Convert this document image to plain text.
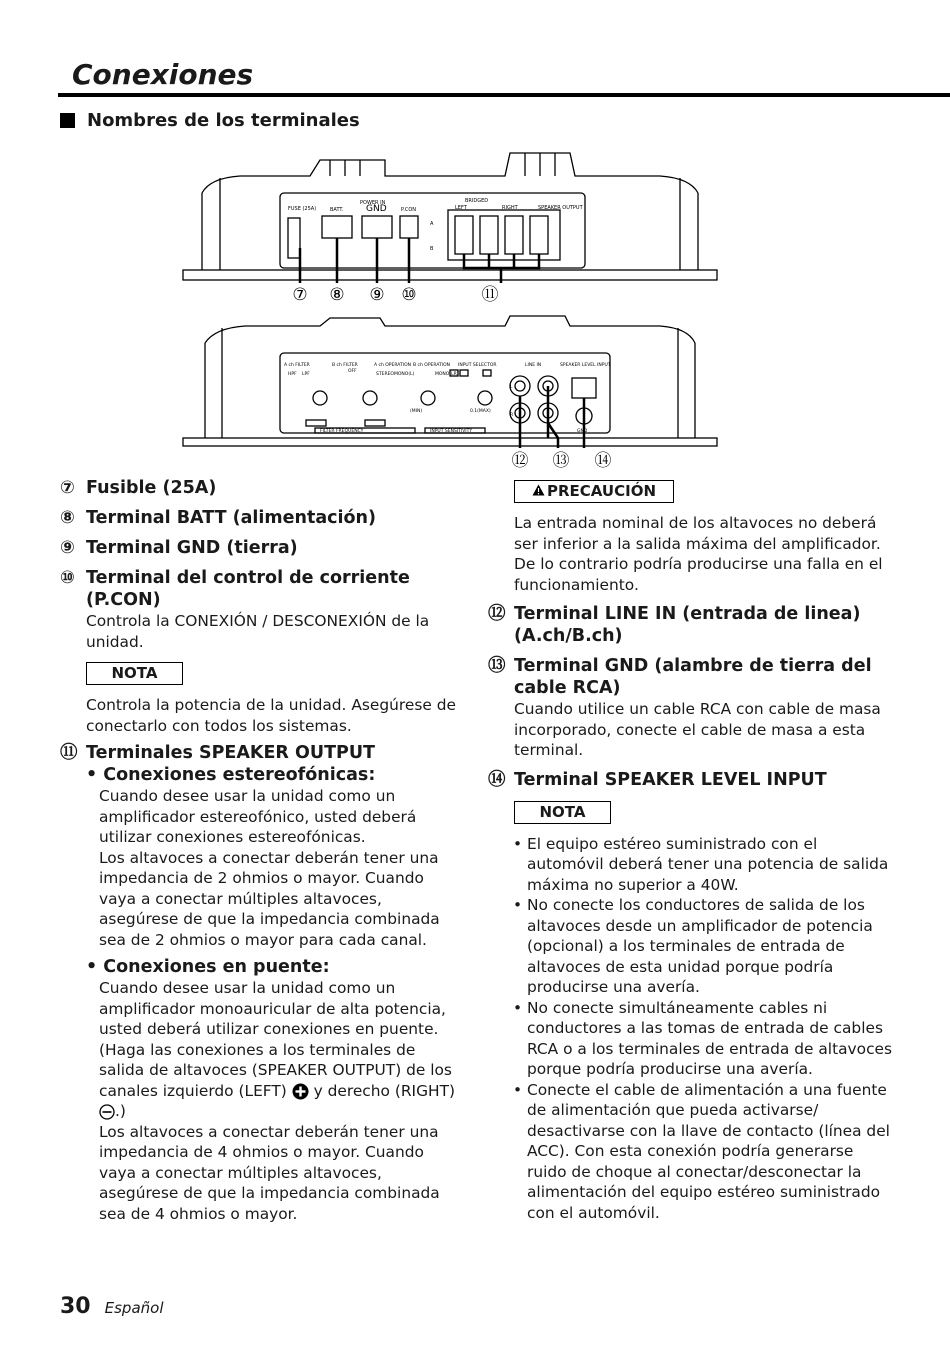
Conexiones
Nombres de los terminales
FUSE (25A)
POWER IN
BATT.	GND	P.CON
BRIDGED
LEFT	RIGHT	SPEAKER OUTPUT
A
B
⑦ ⑧ ⑨ ⑩	⑪
A ch FILTER	B ch FILTER	A ch OPERATION B ch OPERATION INPUT SELECTOR	LINE IN	SPEAKER LEVEL INPUT
HPF LPF
OFF
STEREO MONO(L)	MONO(LR)
(MIN)	0.1(MAX)
FILTER FREQUENCY	INPUT SENSITIVITY	GND
L
R
⑫ ⑬ ⑭
⑦ Fusible (25A)
⑧ Terminal BATT (alimentación)
⑨ Terminal GND (tierra)
⑩ Terminal del control de corriente (P.CON)
Controla la CONEXIÓN / DESCONEXIÓN de la unidad.
NOTA
Controla la potencia de la unidad. Asegúrese de conectarlo con todos los sistemas.
⑪ Terminales SPEAKER OUTPUT
• Conexiones estereofónicas:
Cuando desee usar la unidad como un amplificador estereofónico, usted deberá utilizar conexiones estereofónicas.
Los altavoces a conectar deberán tener una impedancia de 2 ohmios o mayor. Cuando vaya a conectar múltiples altavoces, asegúrese de que la impedancia combinada sea de 2 ohmios o mayor para cada canal.
• Conexiones en puente:
Cuando desee usar la unidad como un amplificador monoauricular de alta potencia, usted deberá utilizar conexiones en puente. (Haga las conexiones a los terminales de salida de altavoces (SPEAKER OUTPUT) de los canales izquierdo (LEFT) y derecho (RIGHT) .)
Los altavoces a conectar deberán tener una impedancia de 4 ohmios o mayor. Cuando vaya a conectar múltiples altavoces, asegúrese de que la impedancia combinada sea de 4 ohmios o mayor.
PRECAUCIÓN
La entrada nominal de los altavoces no deberá ser inferior a la salida máxima del amplificador. De lo contrario podría producirse una falla en el funcionamiento.
⑫ Terminal LINE IN (entrada de linea) (A.ch/B.ch)
⑬ Terminal GND (alambre de tierra del cable RCA)
Cuando utilice un cable RCA con cable de masa incorporado, conecte el cable de masa a esta terminal.
⑭ Terminal SPEAKER LEVEL INPUT
NOTA
• El equipo estéreo suministrado con el automóvil deberá tener una potencia de salida máxima no superior a 40W.
• No conecte los conductores de salida de los altavoces desde un amplificador de potencia (opcional) a los terminales de entrada de altavoces de esta unidad porque podría producirse una avería.
• No conecte simultáneamente cables ni conductores a las tomas de entrada de cables RCA o a los terminales de entrada de altavoces porque podría producirse una avería.
• Conecte el cable de alimentación a una fuente de alimentación que pueda activarse/ desactivarse con la llave de contacto (línea del ACC). Con esta conexión podría generarse ruido de choque al conectar/desconectar la alimentación del equipo estéreo suministrado con el automóvil.
30 Español
